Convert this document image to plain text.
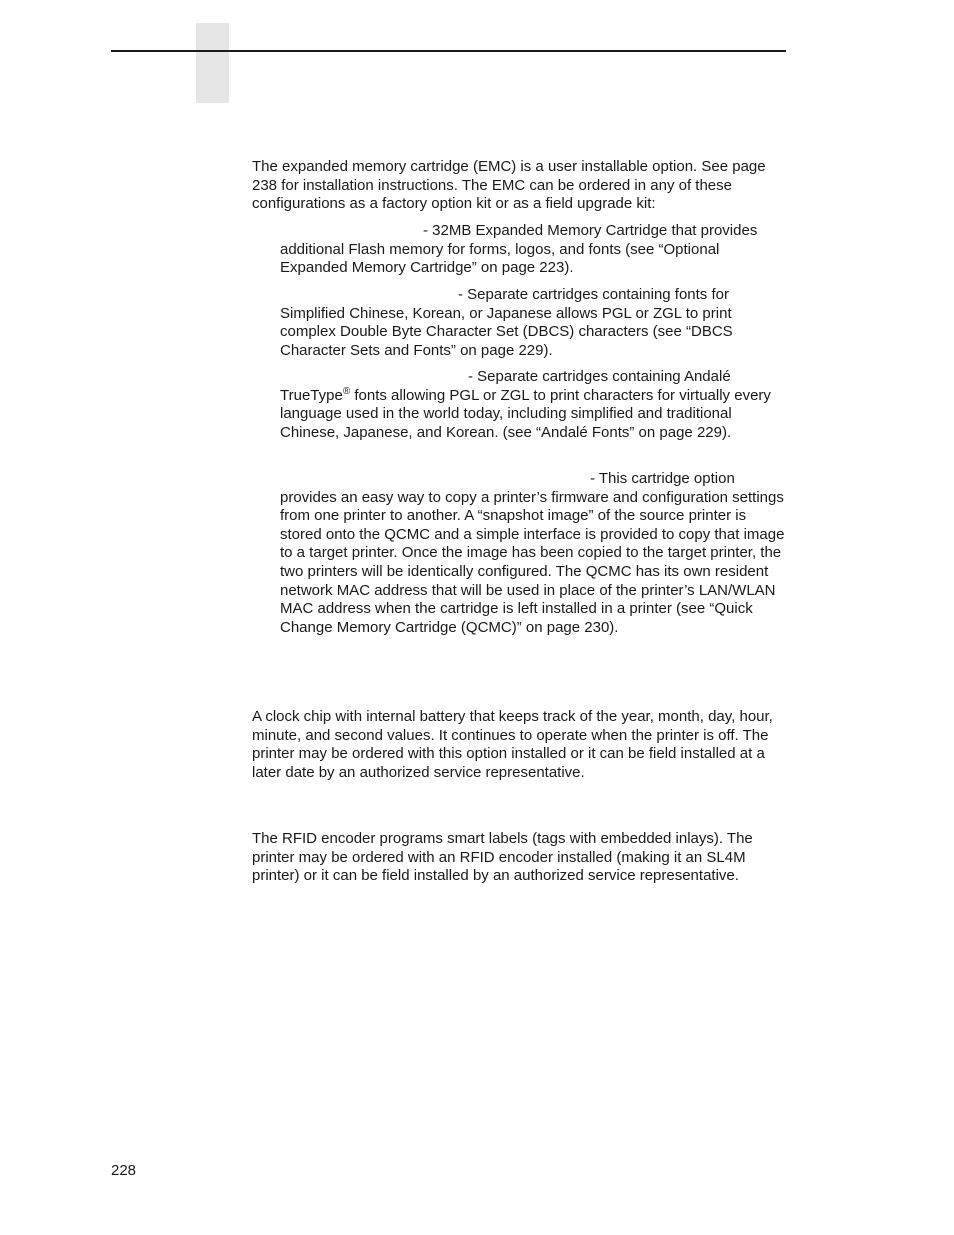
The expanded memory cartridge (EMC) is a user installable option. See page 238 for installation instructions. The EMC can be ordered in any of these configurations as a factory option kit or as a field upgrade kit:

- 32MB Expanded Memory Cartridge that provides additional Flash memory for forms, logos, and fonts (see “Optional Expanded Memory Cartridge” on page 223).

- Separate cartridges containing fonts for Simplified Chinese, Korean, or Japanese allows PGL or ZGL to print complex Double Byte Character Set (DBCS) characters (see “DBCS Character Sets and Fonts” on page 229).

- Separate cartridges containing Andalé TrueType® fonts allowing PGL or ZGL to print characters for virtually every language used in the world today, including simplified and traditional Chinese, Japanese, and Korean. (see “Andalé Fonts” on page 229).

- This cartridge option provides an easy way to copy a printer’s firmware and configuration settings from one printer to another. A “snapshot image” of the source printer is stored onto the QCMC and a simple interface is provided to copy that image to a target printer. Once the image has been copied to the target printer, the two printers will be identically configured. The QCMC has its own resident network MAC address that will be used in place of the printer’s LAN/WLAN MAC address when the cartridge is left installed in a printer (see “Quick Change Memory Cartridge (QCMC)” on page 230).

A clock chip with internal battery that keeps track of the year, month, day, hour, minute, and second values. It continues to operate when the printer is off. The printer may be ordered with this option installed or it can be field installed at a later date by an authorized service representative.

The RFID encoder programs smart labels (tags with embedded inlays). The printer may be ordered with an RFID encoder installed (making it an SL4M printer) or it can be field installed by an authorized service representative.

228
